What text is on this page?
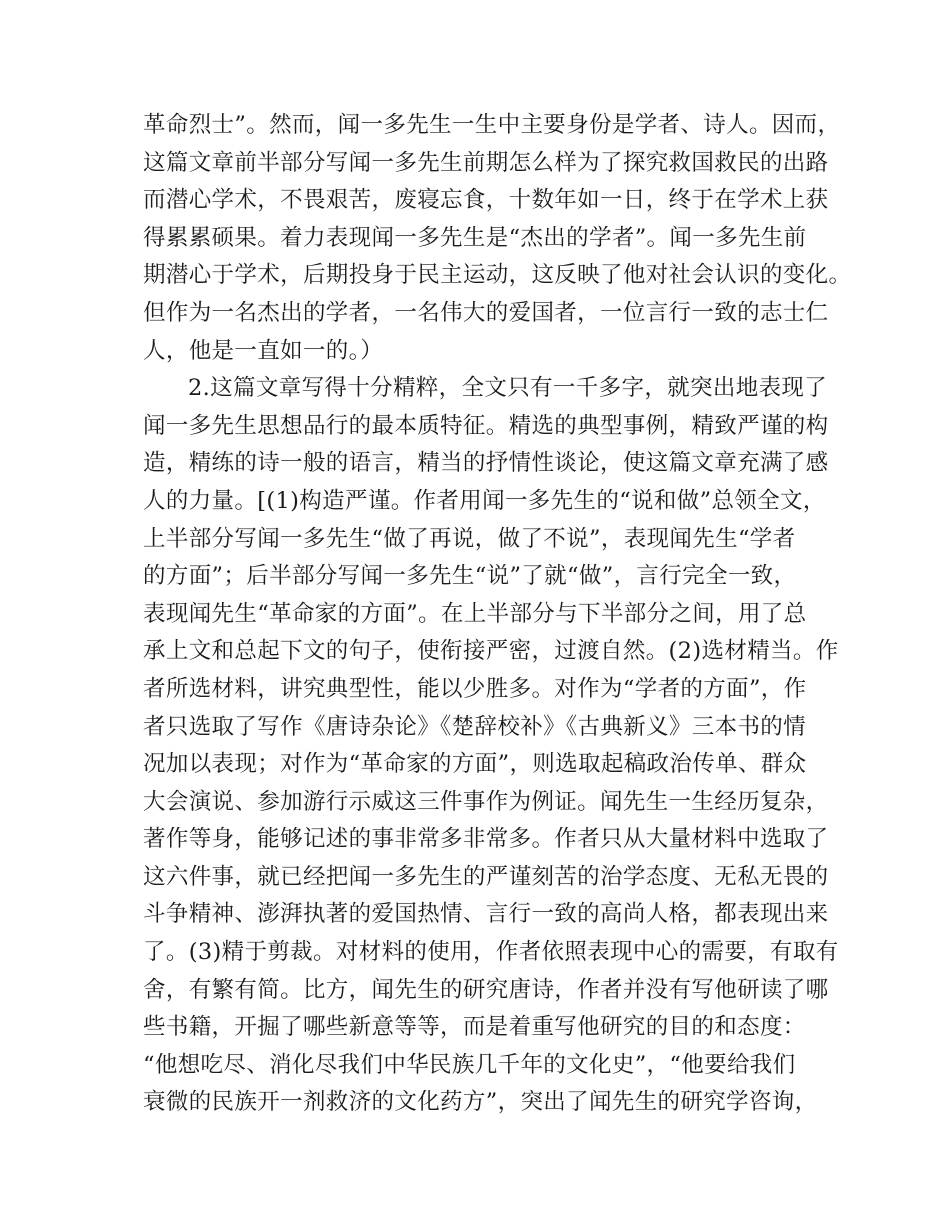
革命烈士”。然而，闻一多先生一生中主要身份是学者、诗人。因而，
这篇文章前半部分写闻一多先生前期怎么样为了探究救国救民的出路
而潜心学术，不畏艰苦，废寝忘食，十数年如一日，终于在学术上获
得累累硕果。着力表现闻一多先生是“杰出的学者”。闻一多先生前
期潜心于学术，后期投身于民主运动，这反映了他对社会认识的变化。
但作为一名杰出的学者，一名伟大的爱国者，一位言行一致的志士仁
人，他是一直如一的。）
2.这篇文章写得十分精粹，全文只有一千多字，就突出地表现了
闻一多先生思想品行的最本质特征。精选的典型事例，精致严谨的构
造，精练的诗一般的语言，精当的抒情性谈论，使这篇文章充满了感
人的力量。[(1)构造严谨。作者用闻一多先生的“说和做”总领全文，
上半部分写闻一多先生“做了再说，做了不说”，表现闻先生“学者
的方面”；后半部分写闻一多先生“说”了就“做”，言行完全一致，
表现闻先生“革命家的方面”。在上半部分与下半部分之间，用了总
承上文和总起下文的句子，使衔接严密，过渡自然。(2)选材精当。作
者所选材料，讲究典型性，能以少胜多。对作为“学者的方面”，作
者只选取了写作《唐诗杂论》《楚辞校补》《古典新义》三本书的情
况加以表现；对作为“革命家的方面”，则选取起稿政治传单、群众
大会演说、参加游行示威这三件事作为例证。闻先生一生经历复杂，
著作等身，能够记述的事非常多非常多。作者只从大量材料中选取了
这六件事，就已经把闻一多先生的严谨刻苦的治学态度、无私无畏的
斗争精神、澎湃执著的爱国热情、言行一致的高尚人格，都表现出来
了。(3)精于剪裁。对材料的使用，作者依照表现中心的需要，有取有
舍，有繁有简。比方，闻先生的研究唐诗，作者并没有写他研读了哪
些书籍，开掘了哪些新意等等，而是着重写他研究的目的和态度：
“他想吃尽、消化尽我们中华民族几千年的文化史”，“他要给我们
衰微的民族开一剂救济的文化药方”，突出了闻先生的研究学咨询，
